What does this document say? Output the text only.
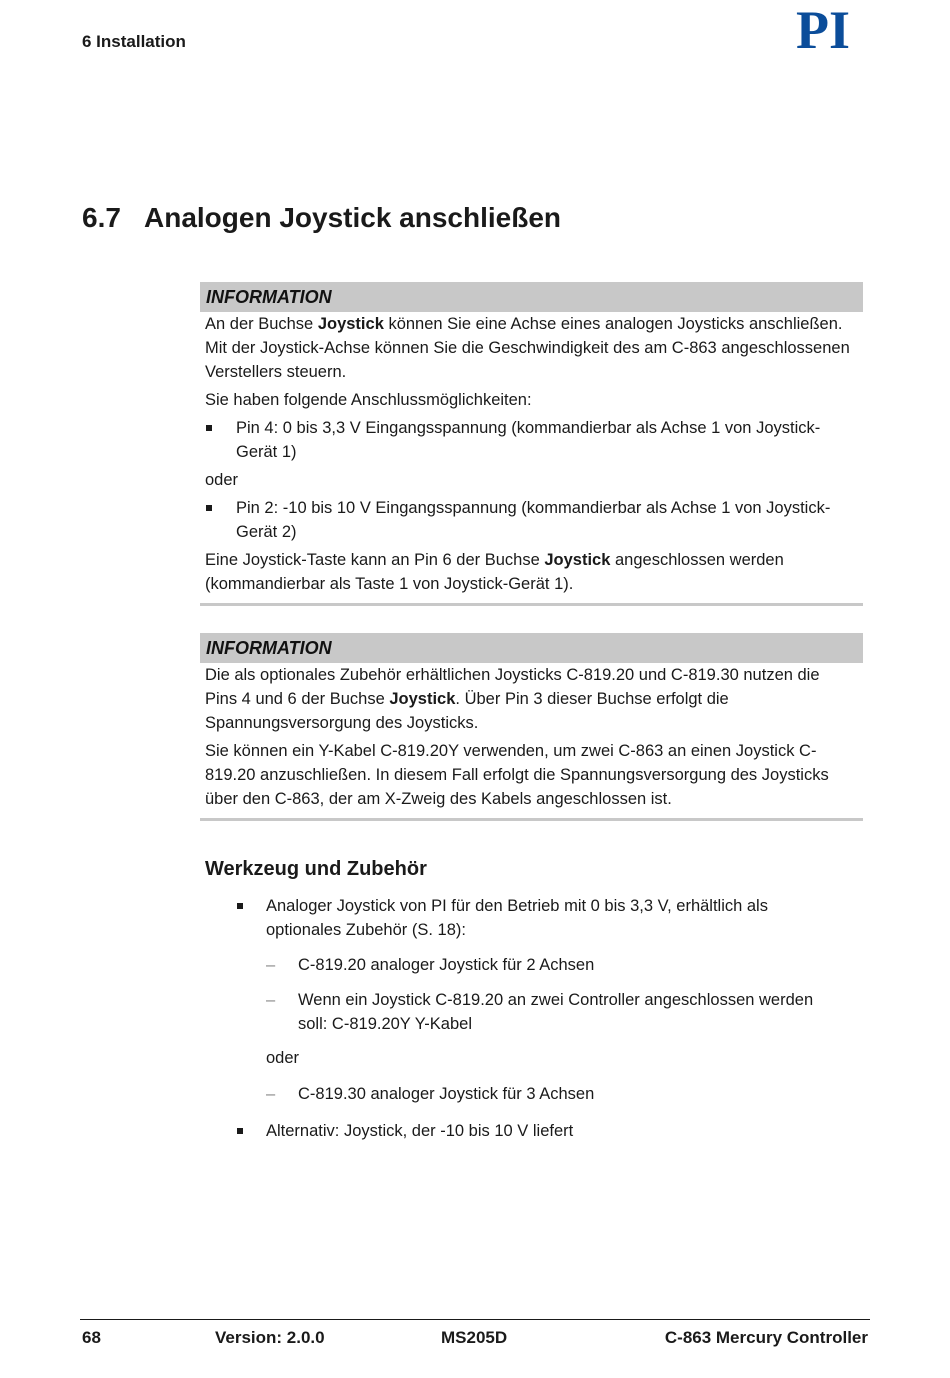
6 Installation	PI
6.7 Analogen Joystick anschließen
INFORMATION

An der Buchse Joystick können Sie eine Achse eines analogen Joysticks anschließen. Mit der Joystick-Achse können Sie die Geschwindigkeit des am C-863 angeschlossenen Verstellers steuern.

Sie haben folgende Anschlussmöglichkeiten:

Pin 4: 0 bis 3,3 V Eingangsspannung (kommandierbar als Achse 1 von Joystick-Gerät 1)

oder

Pin 2: -10 bis 10 V Eingangsspannung (kommandierbar als Achse 1 von Joystick-Gerät 2)

Eine Joystick-Taste kann an Pin 6 der Buchse Joystick angeschlossen werden (kommandierbar als Taste 1 von Joystick-Gerät 1).

INFORMATION

Die als optionales Zubehör erhältlichen Joysticks C-819.20 und C-819.30 nutzen die Pins 4 und 6 der Buchse Joystick. Über Pin 3 dieser Buchse erfolgt die Spannungsversorgung des Joysticks.

Sie können ein Y-Kabel C-819.20Y verwenden, um zwei C-863 an einen Joystick C-819.20 anzuschließen. In diesem Fall erfolgt die Spannungsversorgung des Joysticks über den C-863, der am X-Zweig des Kabels angeschlossen ist.

Werkzeug und Zubehör
Analoger Joystick von PI für den Betrieb mit 0 bis 3,3 V, erhältlich als optionales Zubehör (S. 18):
– C-819.20 analoger Joystick für 2 Achsen
– Wenn ein Joystick C-819.20 an zwei Controller angeschlossen werden soll: C-819.20Y Y-Kabel
oder
– C-819.30 analoger Joystick für 3 Achsen
Alternativ: Joystick, der -10 bis 10 V liefert
68	Version: 2.0.0	MS205D	C-863 Mercury Controller
